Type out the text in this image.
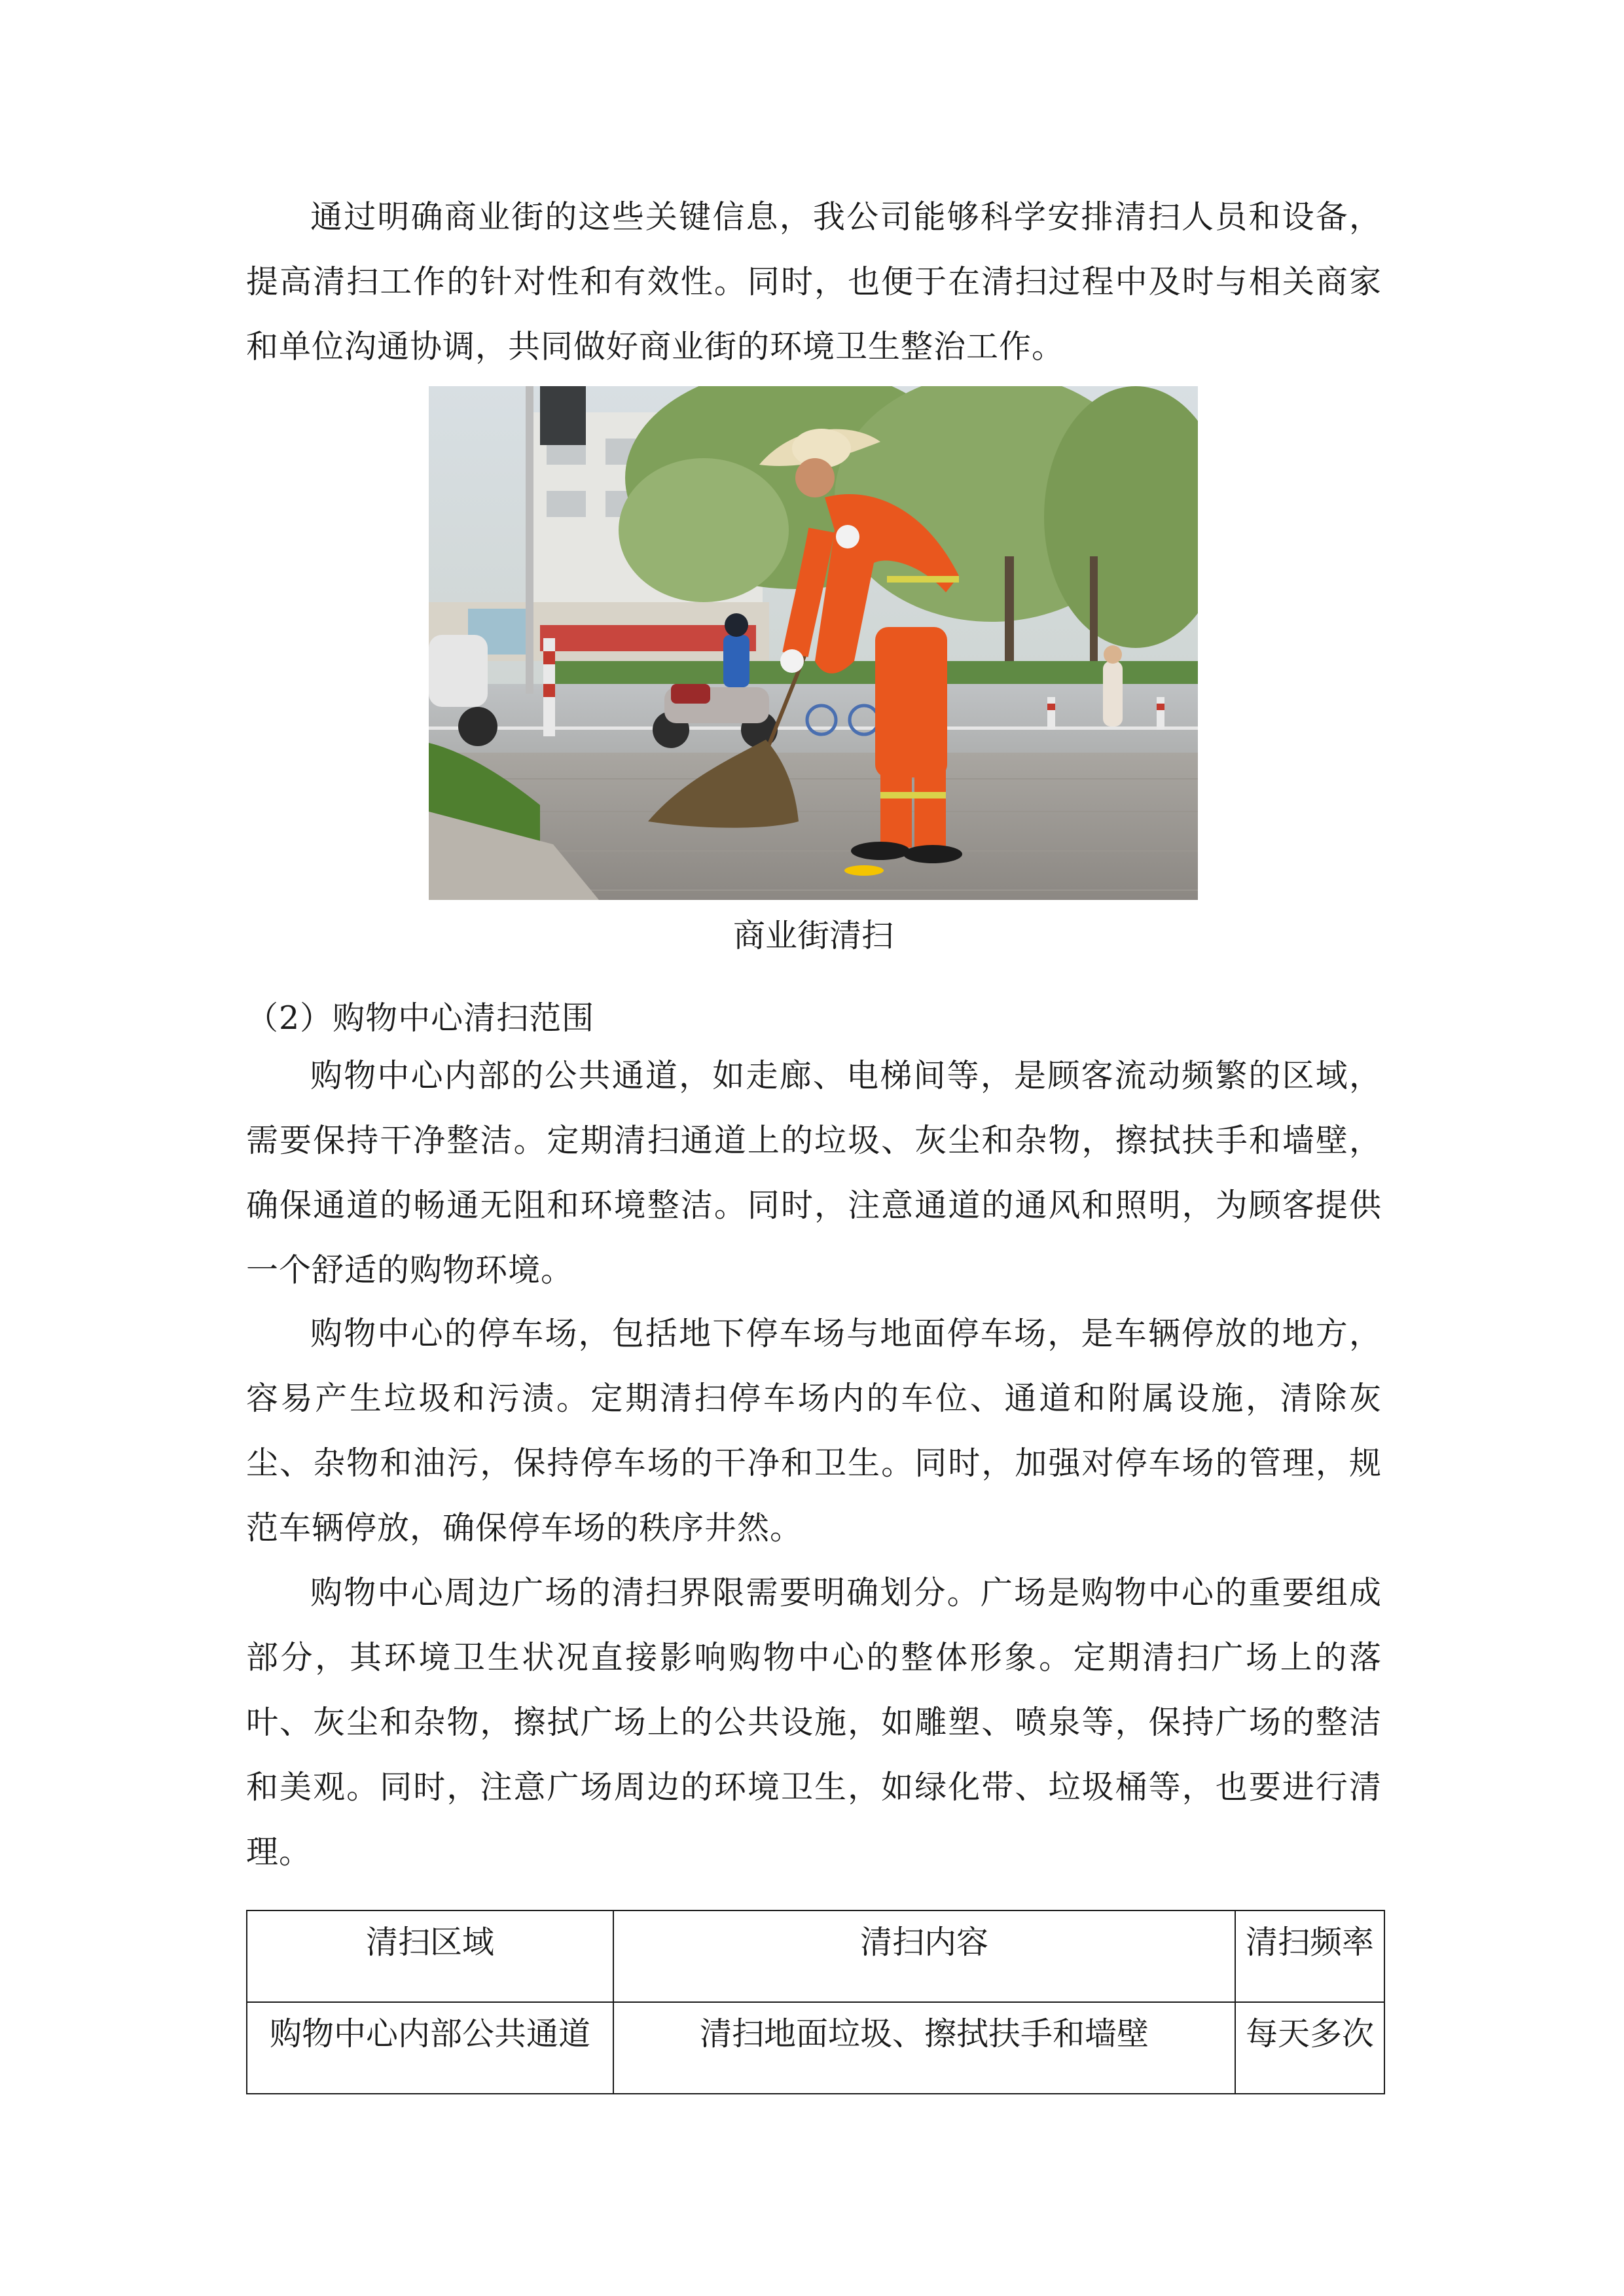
通过明确商业街的这些关键信息，我公司能够科学安排清扫人员和设备，提高清扫工作的针对性和有效性。同时，也便于在清扫过程中及时与相关商家和单位沟通协调，共同做好商业街的环境卫生整治工作。

商业街清扫

（2）购物中心清扫范围

购物中心内部的公共通道，如走廊、电梯间等，是顾客流动频繁的区域，需要保持干净整洁。定期清扫通道上的垃圾、灰尘和杂物，擦拭扶手和墙壁，确保通道的畅通无阻和环境整洁。同时，注意通道的通风和照明，为顾客提供一个舒适的购物环境。

购物中心的停车场，包括地下停车场与地面停车场，是车辆停放的地方，容易产生垃圾和污渍。定期清扫停车场内的车位、通道和附属设施，清除灰尘、杂物和油污，保持停车场的干净和卫生。同时，加强对停车场的管理，规范车辆停放，确保停车场的秩序井然。

购物中心周边广场的清扫界限需要明确划分。广场是购物中心的重要组成部分，其环境卫生状况直接影响购物中心的整体形象。定期清扫广场上的落叶、灰尘和杂物，擦拭广场上的公共设施，如雕塑、喷泉等，保持广场的整洁和美观。同时，注意广场周边的环境卫生，如绿化带、垃圾桶等，也要进行清理。

清扫区域	清扫内容	清扫频率
购物中心内部公共通道	清扫地面垃圾、擦拭扶手和墙壁	每天多次
